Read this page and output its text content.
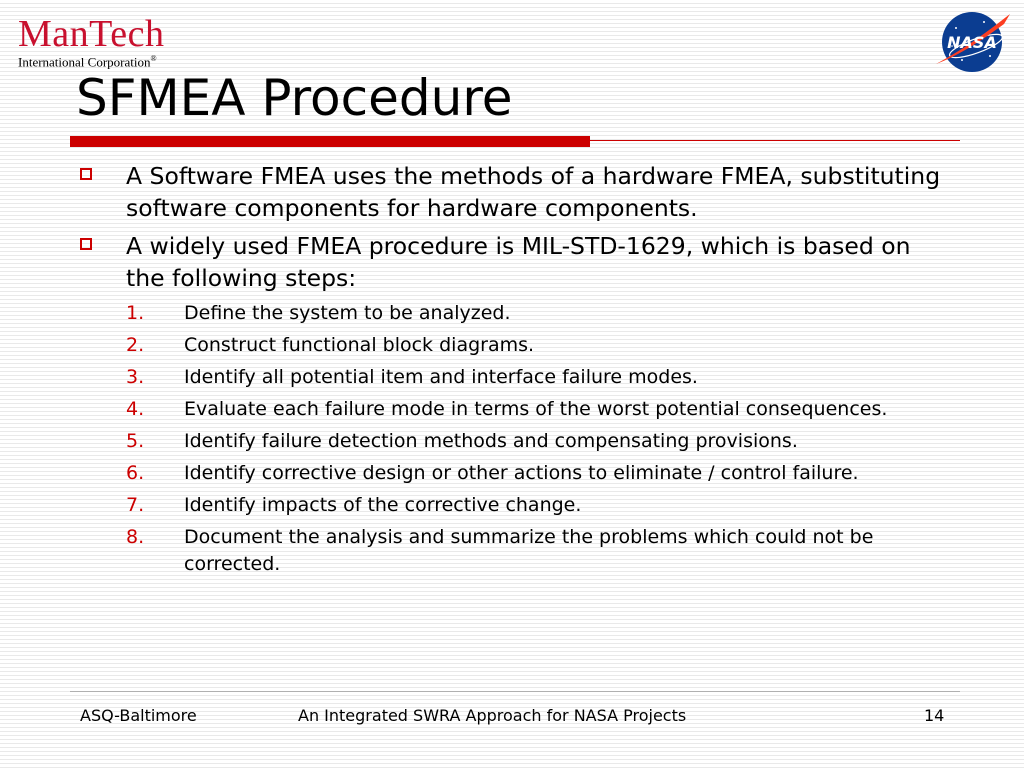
ManTech
International Corporation®
NASA
SFMEA Procedure
A Software FMEA uses the methods of a hardware FMEA, substituting software components for hardware components.
A widely used FMEA procedure is MIL-STD-1629, which is based on the following steps:
1. Define the system to be analyzed.
2. Construct functional block diagrams.
3. Identify all potential item and interface failure modes.
4. Evaluate each failure mode in terms of the worst potential consequences.
5. Identify failure detection methods and compensating provisions.
6. Identify corrective design or other actions to eliminate / control failure.
7. Identify impacts of the corrective change.
8. Document the analysis and summarize the problems which could not be corrected.
ASQ-Baltimore	An Integrated SWRA Approach for NASA Projects	14
